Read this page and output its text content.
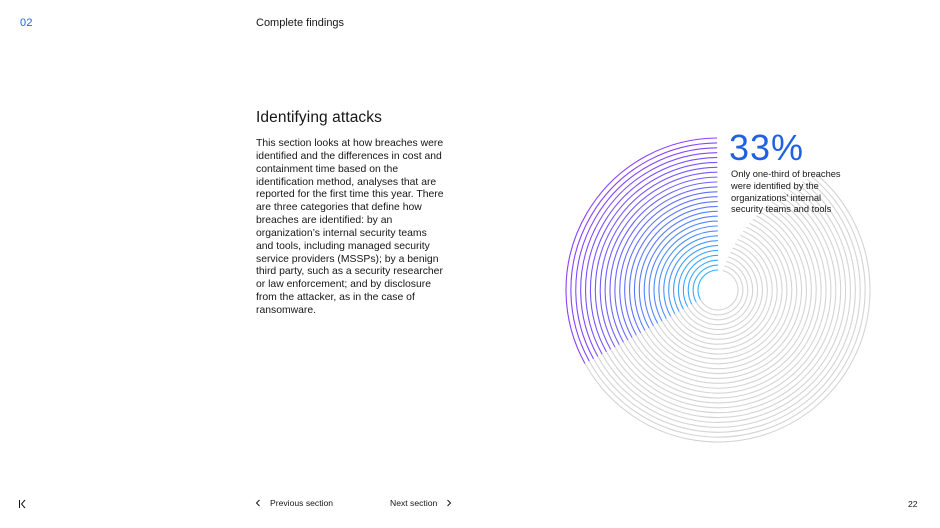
02	Complete findings
Identifying attacks

This section looks at how breaches were identified and the differences in cost and containment time based on the identification method, analyses that are reported for the first time this year. There are three categories that define how breaches are identified: by an organization’s internal security teams and tools, including managed security service providers (MSSPs); by a benign third party, such as a security researcher or law enforcement; and by disclosure from the attacker, as in the case of ransomware.

33%

Only one-third of breaches were identified by the organizations’ internal security teams and tools

Previous section	Next section	22
